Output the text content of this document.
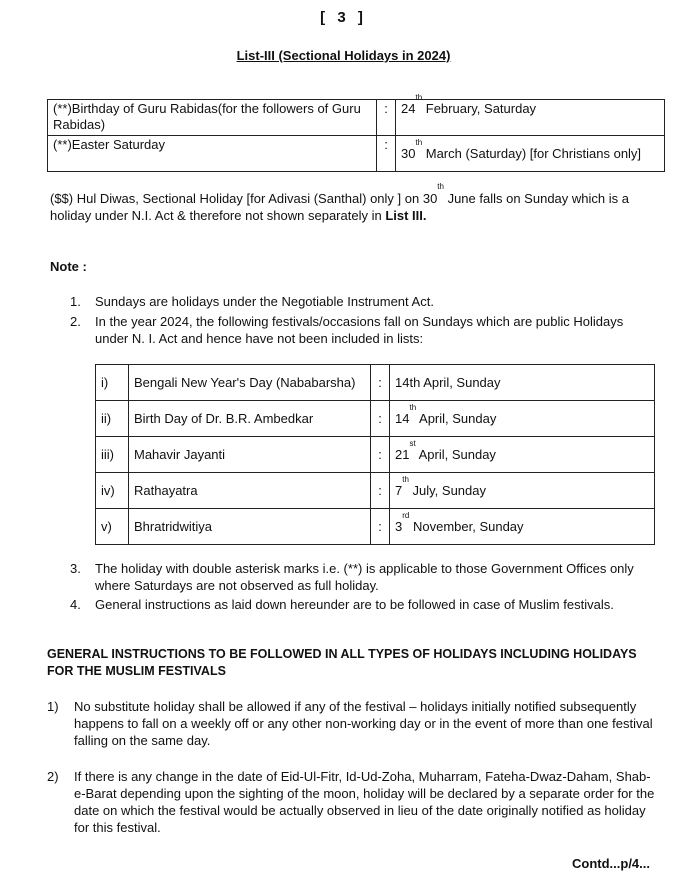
[ 3 ]
List-III (Sectional Holidays in 2024)
(**)Birthday of Guru Rabidas(for the followers of Guru Rabidas)	:	24th February, Saturday
(**)Easter Saturday	:	30th March (Saturday) [for Christians only]
($$) Hul Diwas, Sectional Holiday [for Adivasi (Santhal) only ] on 30th June falls on Sunday which is a holiday under N.I. Act & therefore not shown separately in List III.
Note :
1. Sundays are holidays under the Negotiable Instrument Act.
2. In the year 2024, the following festivals/occasions fall on Sundays which are public Holidays under N. I. Act and hence have not been included in lists:
i)	Bengali New Year's Day (Nababarsha)	:	14th April, Sunday
ii)	Birth Day of Dr. B.R. Ambedkar	:	14th April, Sunday
iii)	Mahavir Jayanti	:	21st April, Sunday
iv)	Rathayatra	:	7th July, Sunday
v)	Bhratridwitiya	:	3rd November, Sunday
3. The holiday with double asterisk marks i.e. (**) is applicable to those Government Offices only where Saturdays are not observed as full holiday.
4. General instructions as laid down hereunder are to be followed in case of Muslim festivals.
GENERAL INSTRUCTIONS TO BE FOLLOWED IN ALL TYPES OF HOLIDAYS INCLUDING HOLIDAYS FOR THE MUSLIM FESTIVALS
1) No substitute holiday shall be allowed if any of the festival – holidays initially notified subsequently happens to fall on a weekly off or any other non-working day or in the event of more than one festival falling on the same day.
2) If there is any change in the date of Eid-Ul-Fitr, Id-Ud-Zoha, Muharram, Fateha-Dwaz-Daham, Shab-e-Barat depending upon the sighting of the moon, holiday will be declared by a separate order for the date on which the festival would be actually observed in lieu of the date originally notified as holiday for this festival.
Contd...p/4...
